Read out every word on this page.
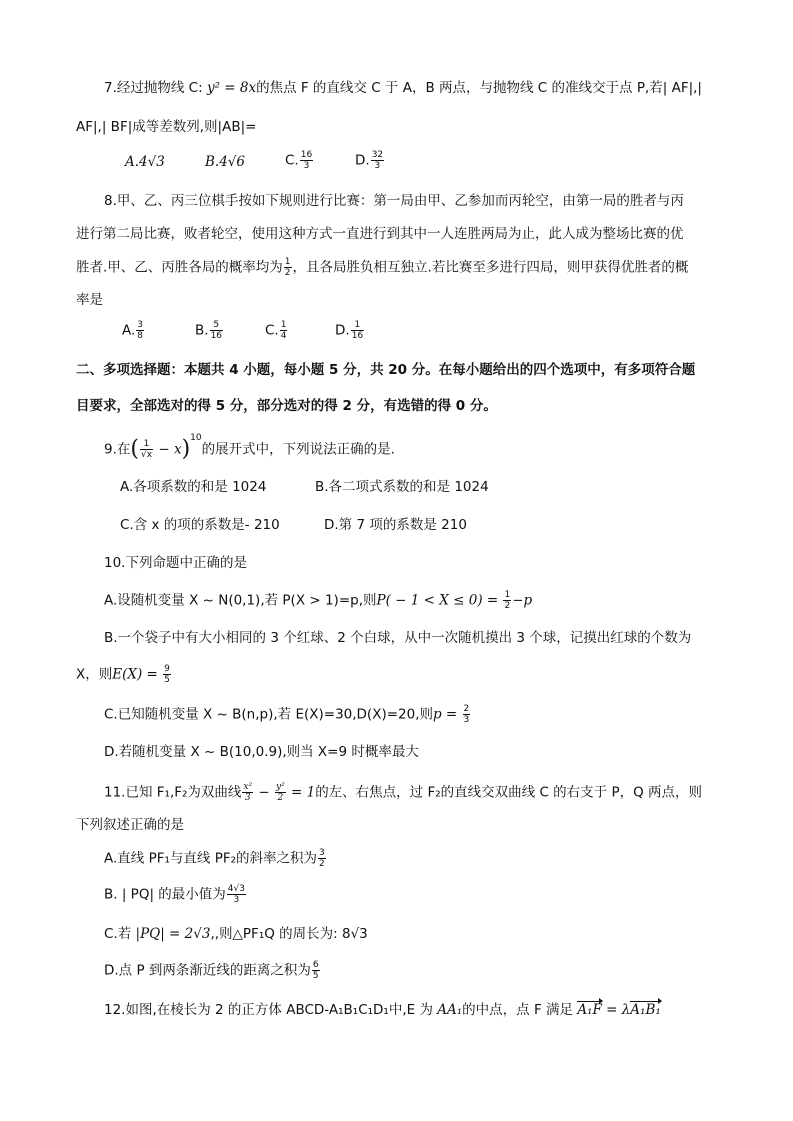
7.经过抛物线 C: y² = 8x的焦点 F 的直线交 C 于 A，B 两点，与抛物线 C 的准线交于点 P,若| AF|,|
AF|,| BF|成等差数列,则|AB|=
A.4√3	B.4√6	C. $\frac{16}{3}$	D. $\frac{32}{3}$
8.甲、乙、丙三位棋手按如下规则进行比赛：第一局由甲、乙参加而丙轮空，由第一局的胜者与丙
进行第二局比赛，败者轮空，使用这种方式一直进行到其中一人连胜两局为止，此人成为整场比赛的优
胜者.甲、乙、丙胜各局的概率均为 $\frac{1}{2}$ ，且各局胜负相互独立.若比赛至多进行四局，则甲获得优胜者的概
率是
A. $\frac{3}{8}$	B. $\frac{5}{16}$	C. $\frac{1}{4}$	D. $\frac{1}{16}$
二、多项选择题：本题共 4 小题，每小题 5 分，共 20 分。在每小题给出的四个选项中，有多项符合题
目要求，全部选对的得 5 分，部分选对的得 2 分，有选错的得 0 分。
9.在( $\frac{1}{√x} - x)^{10}$的展开式中，下列说法正确的是.
A.各项系数的和是 1024	B.各二项式系数的和是 1024
C.含 x 的项的系数是- 210	D.第 7 项的系数是 210
10.下列命题中正确的是
A.设随机变量 X ~ N(0,1),若 P(X > 1)=p,则$P( - 1 < X \le 0) = \frac{1}{2} -p$
B.一个袋子中有大小相同的 3 个红球、2 个白球，从中一次随机摸出 3 个球，记摸出红球的个数为
X，则$E(X) = \frac{9}{5}$
C.已知随机变量 X ~ B(n,p),若 E(X)=30,D(X)=20,则$p = \frac{2}{3}$
D.若随机变量 X ~ B(10,0.9),则当 X=9 时概率最大
11.已知 F₁,F₂为双曲线 $\frac{\text{x²}}{3} - \frac{\text{y²}}{2} = 1$的左、右焦点，过 F₂的直线交双曲线 C 的右支于 P，Q 两点，则
下列叙述正确的是
A.直线 PF₁与直线 PF₂的斜率之积为 $\frac{3}{2}$
B. | PQ| 的最小值为 $\frac{4√3}{3}$
C.若 |PQ| = 2√3,,则△PF₁Q 的周长为: 8√3
D.点 P 到两条渐近线的距离之积为 $\frac{6}{5}$
12.如图,在棱长为 2 的正方体 ABCD-A₁B₁C₁D₁中,E 为 AA₁的中点，点 F 满足 A₁F = λA₁B₁
